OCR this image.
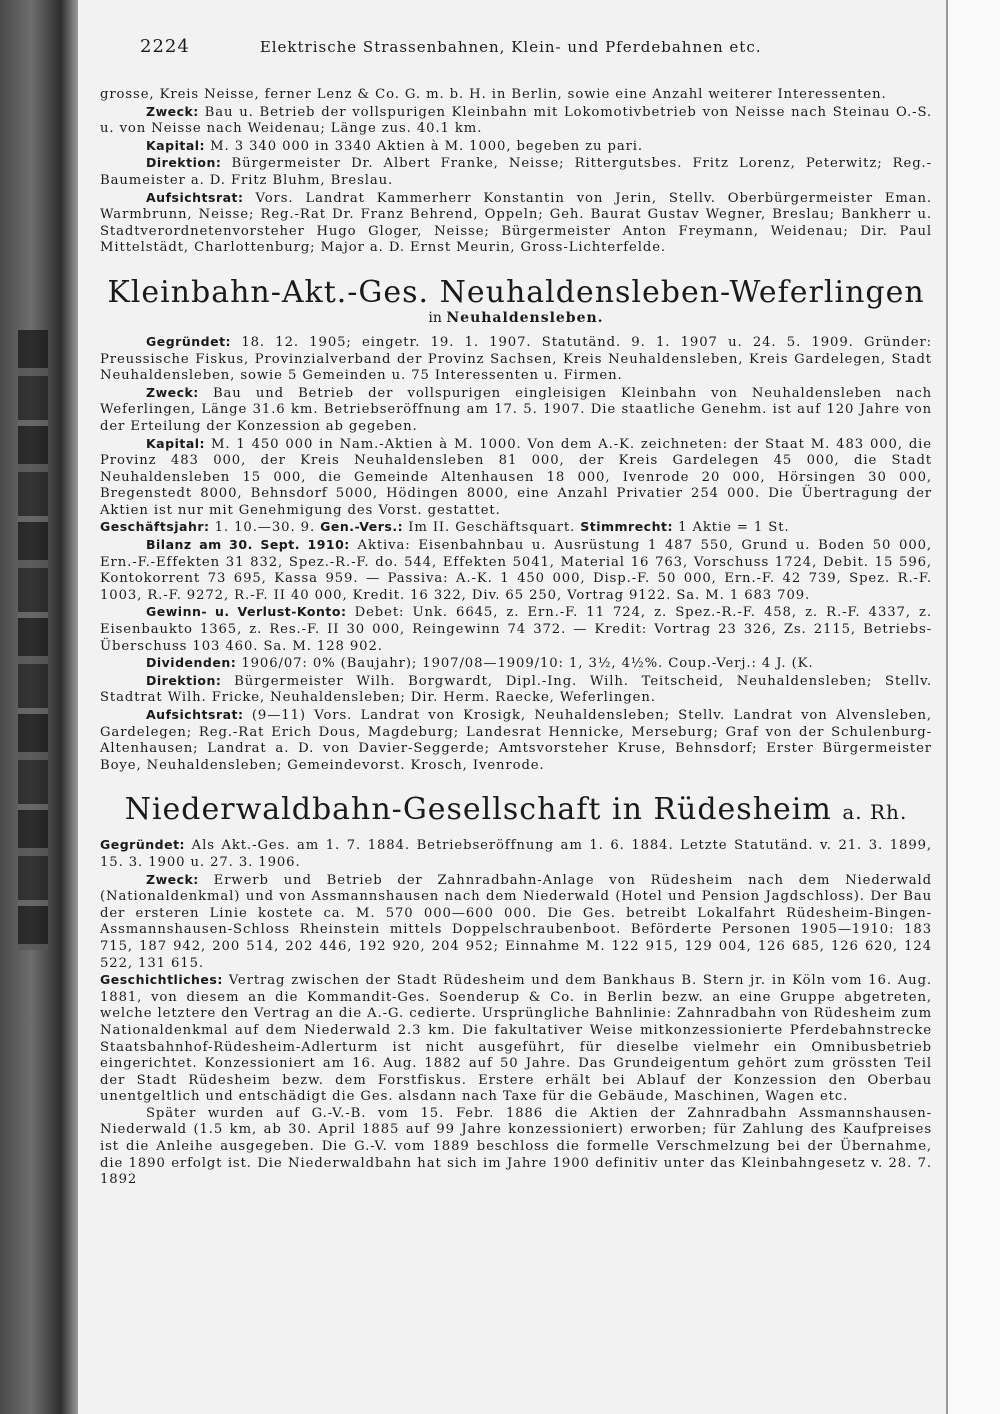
2224	Elektrische Strassenbahnen, Klein- und Pferdebahnen etc.

grosse, Kreis Neisse, ferner Lenz & Co. G. m. b. H. in Berlin, sowie eine Anzahl weiterer Interessenten.

Zweck: Bau u. Betrieb der vollspurigen Kleinbahn mit Lokomotivbetrieb von Neisse nach Steinau O.-S. u. von Neisse nach Weidenau; Länge zus. 40.1 km.

Kapital: M. 3 340 000 in 3340 Aktien à M. 1000, begeben zu pari.

Direktion: Bürgermeister Dr. Albert Franke, Neisse; Rittergutsbes. Fritz Lorenz, Peterwitz; Reg.-Baumeister a. D. Fritz Bluhm, Breslau.

Aufsichtsrat: Vors. Landrat Kammerherr Konstantin von Jerin, Stellv. Oberbürgermeister Eman. Warmbrunn, Neisse; Reg.-Rat Dr. Franz Behrend, Oppeln; Geh. Baurat Gustav Wegner, Breslau; Bankherr u. Stadtverordnetenvorsteher Hugo Gloger, Neisse; Bürgermeister Anton Freymann, Weidenau; Dir. Paul Mittelstädt, Charlottenburg; Major a. D. Ernst Meurin, Gross-Lichterfelde.

Kleinbahn-Akt.-Ges. Neuhaldensleben-Weferlingen
in Neuhaldensleben.

Gegründet: 18. 12. 1905; eingetr. 19. 1. 1907. Statutänd. 9. 1. 1907 u. 24. 5. 1909. Gründer: Preussische Fiskus, Provinzialverband der Provinz Sachsen, Kreis Neuhaldensleben, Kreis Gardelegen, Stadt Neuhaldensleben, sowie 5 Gemeinden u. 75 Interessenten u. Firmen.

Zweck: Bau und Betrieb der vollspurigen eingleisigen Kleinbahn von Neuhaldensleben nach Weferlingen, Länge 31.6 km. Betriebseröffnung am 17. 5. 1907. Die staatliche Genehm. ist auf 120 Jahre von der Erteilung der Konzession ab gegeben.

Kapital: M. 1 450 000 in Nam.-Aktien à M. 1000. Von dem A.-K. zeichneten: der Staat M. 483 000, die Provinz 483 000, der Kreis Neuhaldensleben 81 000, der Kreis Gardelegen 45 000, die Stadt Neuhaldensleben 15 000, die Gemeinde Altenhausen 18 000, Ivenrode 20 000, Hörsingen 30 000, Bregenstedt 8000, Behnsdorf 5000, Hödingen 8000, eine Anzahl Privatier 254 000. Die Übertragung der Aktien ist nur mit Genehmigung des Vorst. gestattet.

Geschäftsjahr: 1. 10.—30. 9. Gen.-Vers.: Im II. Geschäftsquart. Stimmrecht: 1 Aktie = 1 St.

Bilanz am 30. Sept. 1910: Aktiva: Eisenbahnbau u. Ausrüstung 1 487 550, Grund u. Boden 50 000, Ern.-F.-Effekten 31 832, Spez.-R.-F. do. 544, Effekten 5041, Material 16 763, Vorschuss 1724, Debit. 15 596, Kontokorrent 73 695, Kassa 959. — Passiva: A.-K. 1 450 000, Disp.-F. 50 000, Ern.-F. 42 739, Spez. R.-F. 1003, R.-F. 9272, R.-F. II 40 000, Kredit. 16 322, Div. 65 250, Vortrag 9122. Sa. M. 1 683 709.

Gewinn- u. Verlust-Konto: Debet: Unk. 6645, z. Ern.-F. 11 724, z. Spez.-R.-F. 458, z. R.-F. 4337, z. Eisenbaukto 1365, z. Res.-F. II 30 000, Reingewinn 74 372. — Kredit: Vortrag 23 326, Zs. 2115, Betriebs-Überschuss 103 460. Sa. M. 128 902.

Dividenden: 1906/07: 0% (Baujahr); 1907/08—1909/10: 1, 3½, 4½%. Coup.-Verj.: 4 J. (K.

Direktion: Bürgermeister Wilh. Borgwardt, Dipl.-Ing. Wilh. Teitscheid, Neuhaldensleben; Stellv. Stadtrat Wilh. Fricke, Neuhaldensleben; Dir. Herm. Raecke, Weferlingen.

Aufsichtsrat: (9—11) Vors. Landrat von Krosigk, Neuhaldensleben; Stellv. Landrat von Alvensleben, Gardelegen; Reg.-Rat Erich Dous, Magdeburg; Landesrat Hennicke, Merseburg; Graf von der Schulenburg-Altenhausen; Landrat a. D. von Davier-Seggerde; Amtsvorsteher Kruse, Behnsdorf; Erster Bürgermeister Boye, Neuhaldensleben; Gemeindevorst. Krosch, Ivenrode.

Niederwaldbahn-Gesellschaft in Rüdesheim a. Rh.

Gegründet: Als Akt.-Ges. am 1. 7. 1884. Betriebseröffnung am 1. 6. 1884. Letzte Statutänd. v. 21. 3. 1899, 15. 3. 1900 u. 27. 3. 1906.

Zweck: Erwerb und Betrieb der Zahnradbahn-Anlage von Rüdesheim nach dem Niederwald (Nationaldenkmal) und von Assmannshausen nach dem Niederwald (Hotel und Pension Jagdschloss). Der Bau der ersteren Linie kostete ca. M. 570 000—600 000. Die Ges. betreibt Lokalfahrt Rüdesheim-Bingen-Assmannshausen-Schloss Rheinstein mittels Doppelschraubenboot. Beförderte Personen 1905—1910: 183 715, 187 942, 200 514, 202 446, 192 920, 204 952; Einnahme M. 122 915, 129 004, 126 685, 126 620, 124 522, 131 615.

Geschichtliches: Vertrag zwischen der Stadt Rüdesheim und dem Bankhaus B. Stern jr. in Köln vom 16. Aug. 1881, von diesem an die Kommandit-Ges. Soenderup & Co. in Berlin bezw. an eine Gruppe abgetreten, welche letztere den Vertrag an die A.-G. cedierte. Ursprüngliche Bahnlinie: Zahnradbahn von Rüdesheim zum Nationaldenkmal auf dem Niederwald 2.3 km. Die fakultativer Weise mitkonzessionierte Pferdebahnstrecke Staatsbahnhof-Rüdesheim-Adlerturm ist nicht ausgeführt, für dieselbe vielmehr ein Omnibusbetrieb eingerichtet. Konzessioniert am 16. Aug. 1882 auf 50 Jahre. Das Grundeigentum gehört zum grössten Teil der Stadt Rüdesheim bezw. dem Forstfiskus. Erstere erhält bei Ablauf der Konzession den Oberbau unentgeltlich und entschädigt die Ges. alsdann nach Taxe für die Gebäude, Maschinen, Wagen etc.

Später wurden auf G.-V.-B. vom 15. Febr. 1886 die Aktien der Zahnradbahn Assmannshausen-Niederwald (1.5 km, ab 30. April 1885 auf 99 Jahre konzessioniert) erworben; für Zahlung des Kaufpreises ist die Anleihe ausgegeben. Die G.-V. vom 1889 beschloss die formelle Verschmelzung bei der Übernahme, die 1890 erfolgt ist. Die Niederwaldbahn hat sich im Jahre 1900 definitiv unter das Kleinbahngesetz v. 28. 7. 1892
